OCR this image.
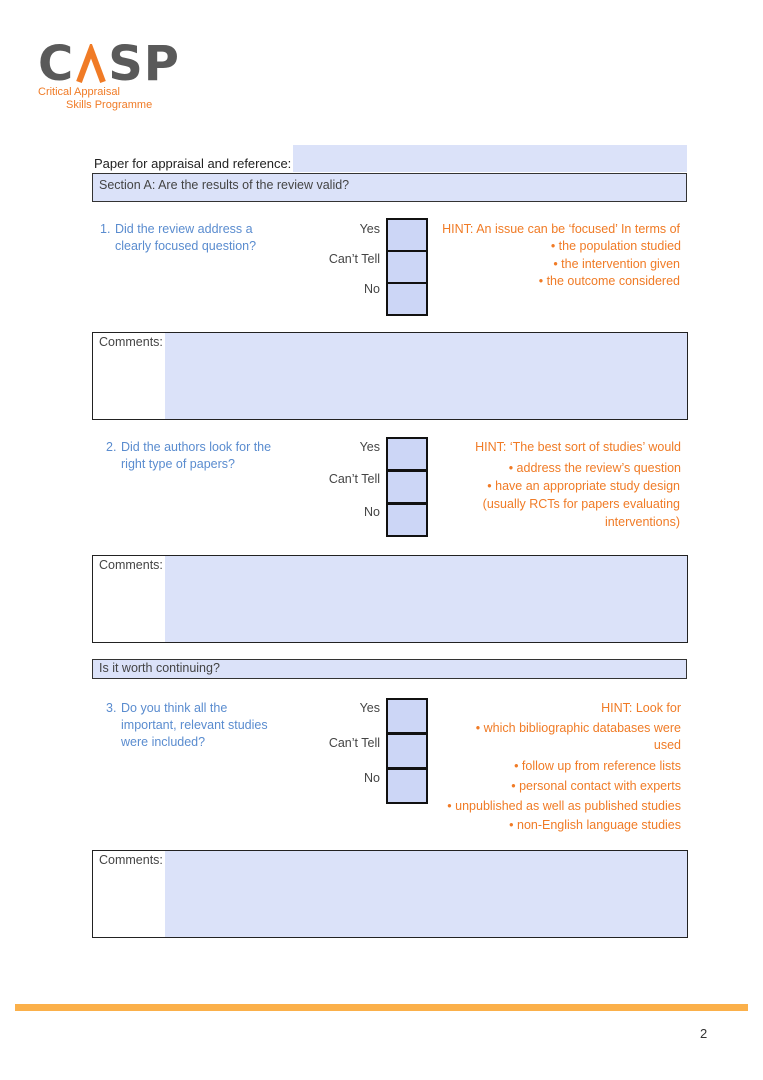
C SP
Critical Appraisal
Skills Programme
Paper for appraisal and reference:
Section A: Are the results of the review valid?
1. Did the review address a
clearly focused question?
Yes
Can’t Tell
No
HINT: An issue can be ‘focused’ In terms of
• the population studied
• the intervention given
• the outcome considered
Comments:
2. Did the authors look for the
right type of papers?
Yes
Can’t Tell
No
HINT: ‘The best sort of studies’ would
• address the review’s question
• have an appropriate study design
(usually RCTs for papers evaluating
interventions)
Comments:
Is it worth continuing?
3. Do you think all the
important, relevant studies
were included?
Yes
Can’t Tell
No
HINT: Look for
• which bibliographic databases were
used
• follow up from reference lists
• personal contact with experts
• unpublished as well as published studies
• non-English language studies
Comments:
2
